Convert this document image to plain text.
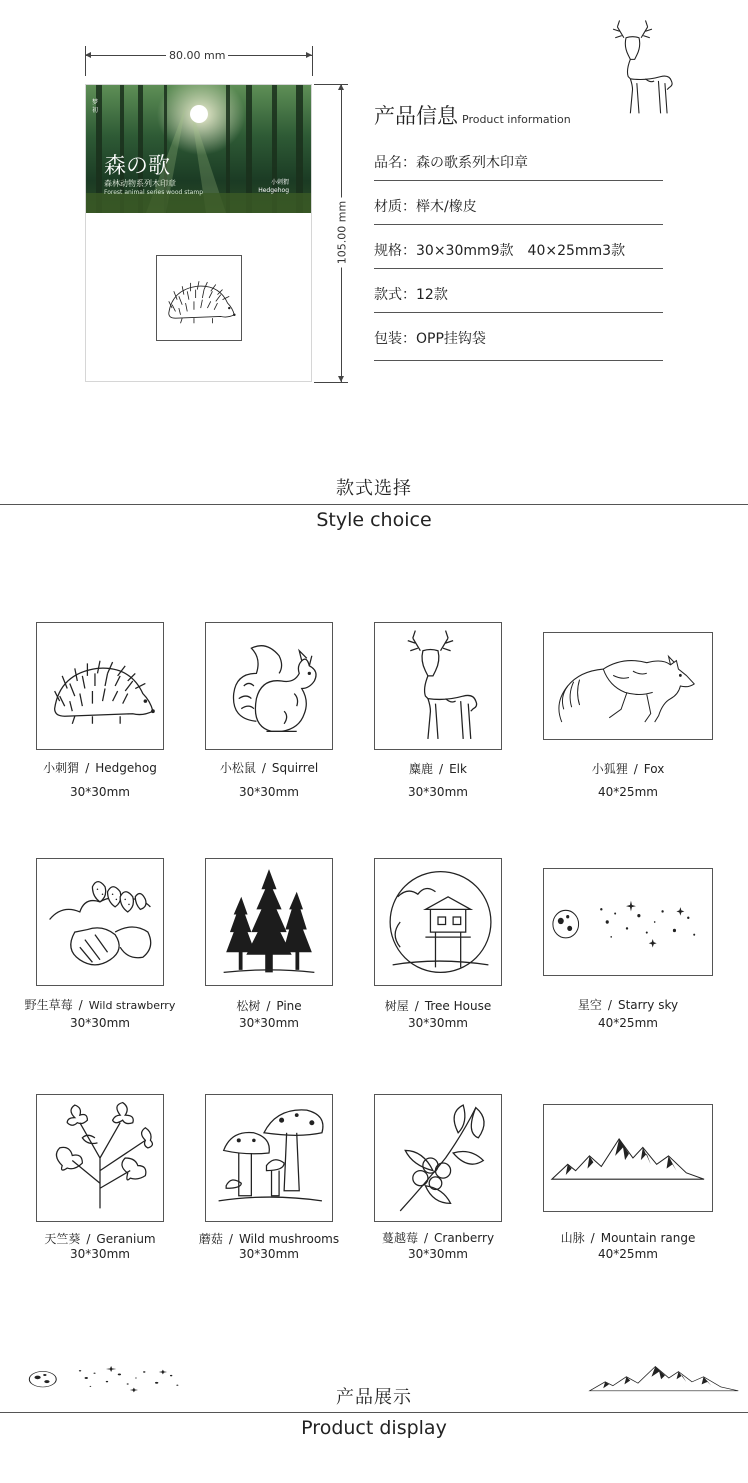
80.00 mm
105.00 mm
梦
初
森の歌
森林动物系列木印章
Forest animal series wood stamp
小刺猬
Hedgehog
产品信息 Product information
品名：森の歌系列木印章
材质：榉木/橡皮
规格：30×30mm9款　40×25mm3款
款式：12款
包装：OPP挂钩袋
款式选择
Style choice
小刺猬 / Hedgehog
30*30mm
小松鼠 / Squirrel
30*30mm
麋鹿 / Elk
30*30mm
小狐狸 / Fox
40*25mm
野生草莓 / Wild strawberry
30*30mm
松树 / Pine
30*30mm
树屋 / Tree House
30*30mm
星空 / Starry sky
40*25mm
天竺葵 / Geranium
30*30mm
蘑菇 / Wild mushrooms
30*30mm
蔓越莓 / Cranberry
30*30mm
山脉 / Mountain range
40*25mm
产品展示
Product display
